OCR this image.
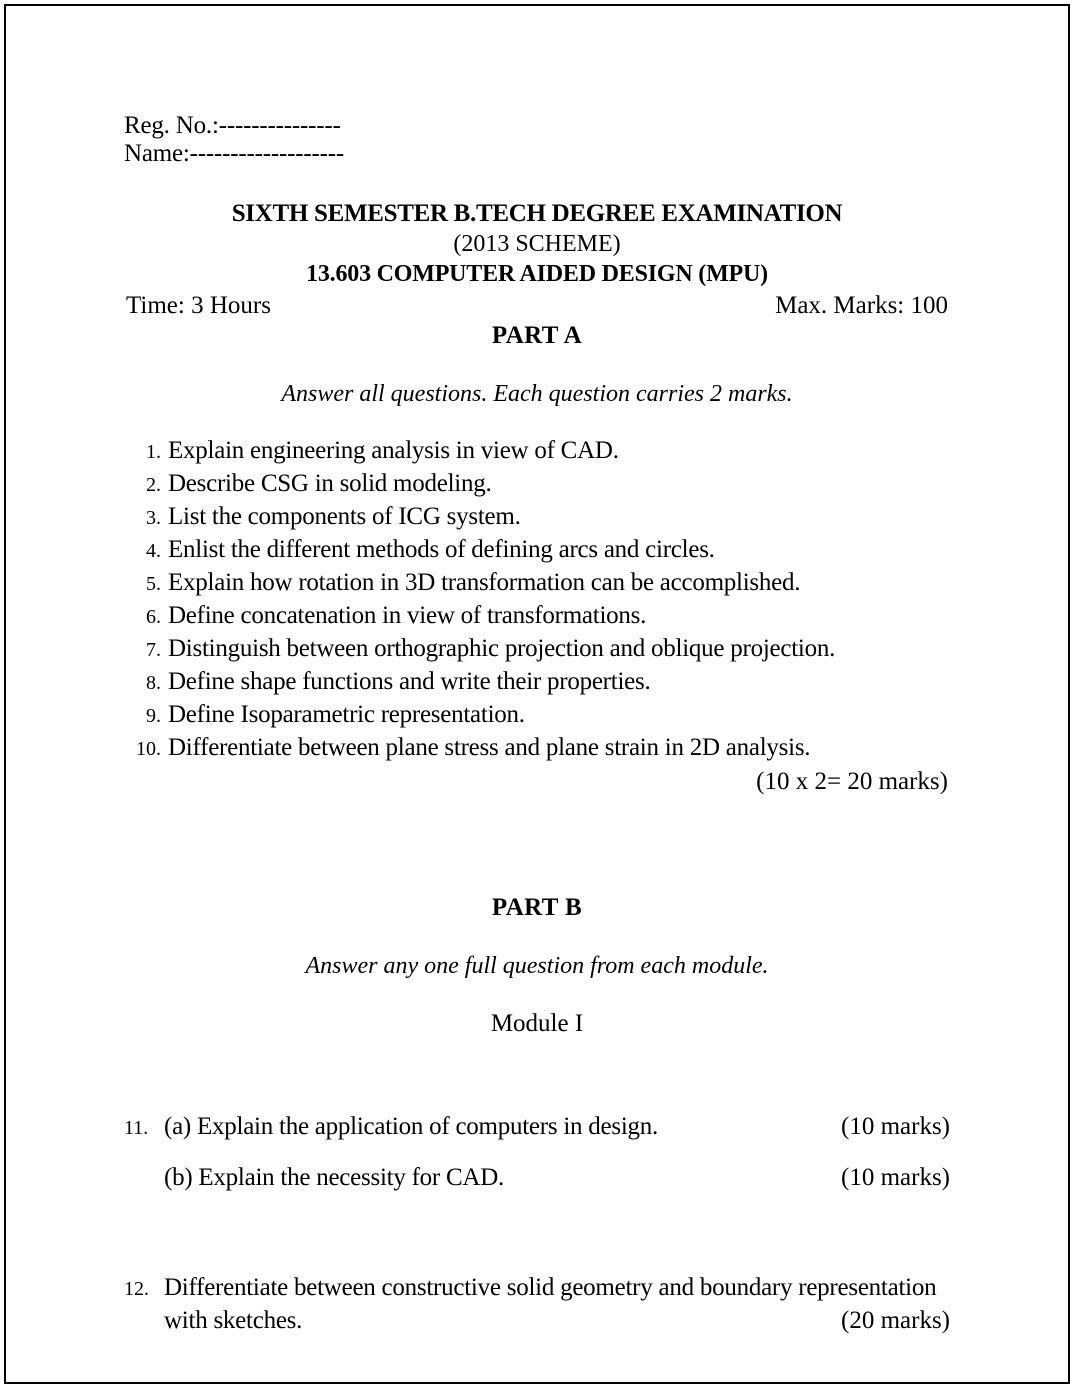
Reg. No.:---------------
Name:-------------------
SIXTH SEMESTER B.TECH DEGREE EXAMINATION
(2013 SCHEME)
13.603 COMPUTER AIDED DESIGN (MPU)
Time: 3 Hours	Max. Marks: 100
PART A
Answer all questions. Each question carries 2 marks.
1. Explain engineering analysis in view of CAD.
2. Describe CSG in solid modeling.
3. List the components of ICG system.
4. Enlist the different methods of defining arcs and circles.
5. Explain how rotation in 3D transformation can be accomplished.
6. Define concatenation in view of transformations.
7. Distinguish between orthographic projection and oblique projection.
8. Define shape functions and write their properties.
9. Define Isoparametric representation.
10. Differentiate between plane stress and plane strain in 2D analysis.
(10 x 2= 20 marks)
PART B
Answer any one full question from each module.
Module I
11. (a) Explain the application of computers in design.	(10 marks)
(b) Explain the necessity for CAD.	(10 marks)
12. Differentiate between constructive solid geometry and boundary representation
with sketches.	(20 marks)
